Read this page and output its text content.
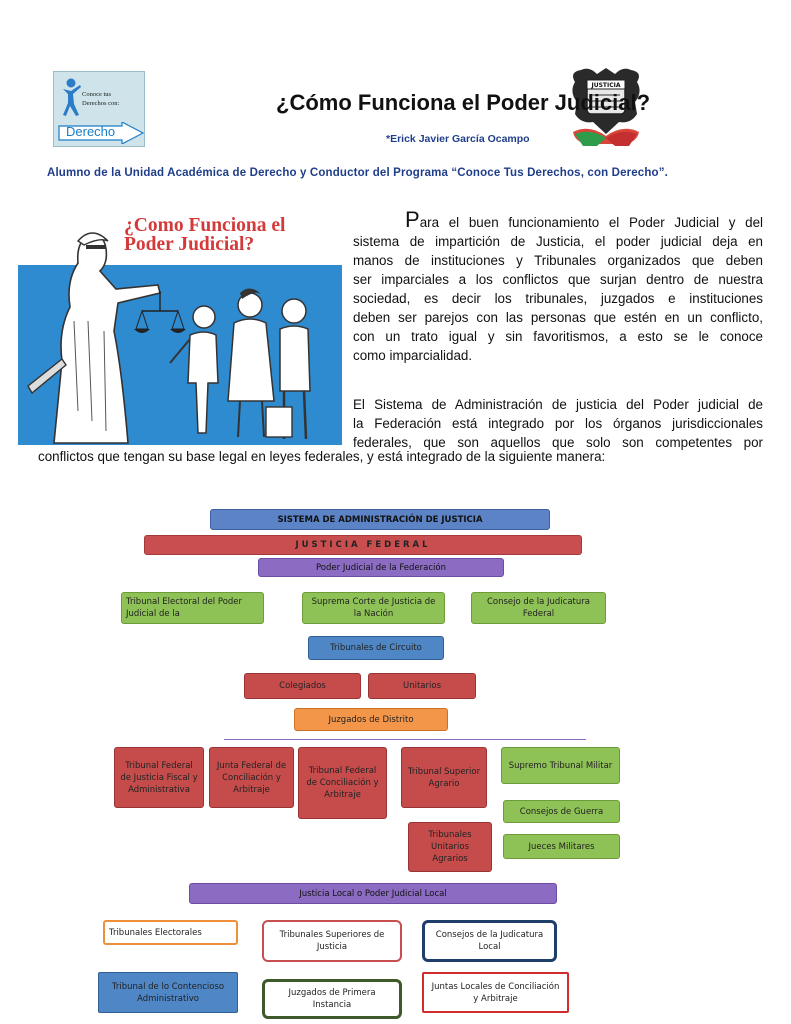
Conoce tus
Derechos con:
Derecho
JUSTICIA
¿Cómo Funciona el Poder Judicial?
*Erick Javier García Ocampo
Alumno de la Unidad Académica de Derecho y Conductor del Programa “Conoce Tus Derechos, con Derecho”.
¿Como Funciona el
Poder Judicial?
Para el buen funcionamiento el Poder Judicial y del
sistema de impartición de Justicia, el poder judicial deja en
manos de instituciones y Tribunales organizados que deben
ser imparciales a los conflictos que surjan dentro de nuestra
sociedad, es decir los tribunales, juzgados e instituciones
deben ser parejos con las personas que estén en un conflicto,
con un trato igual y sin favoritismos, a esto se le conoce
como imparcialidad.
El Sistema de Administración de justicia del Poder judicial de
la Federación está integrado por los órganos jurisdiccionales
federales, que son aquellos que solo son competentes por
conflictos que tengan su base legal en leyes federales, y está integrado de la siguiente manera:
SISTEMA DE ADMINISTRACIÓN DE JUSTICIA
JUSTICIA FEDERAL
Poder Judicial de la Federación
Tribunal Electoral del Poder Judicial de la
Suprema Corte de Justicia de la Nación
Consejo de la Judicatura Federal
Tribunales de Circuito
Colegiados	Unitarios
Juzgados de Distrito
Tribunal Federal de Justicia Fiscal y Administrativa
Junta Federal de Conciliación y Arbitraje
Tribunal Federal de Conciliación y Arbitraje
Tribunal Superior Agrario
Supremo Tribunal Militar
Consejos de Guerra
Tribunales Unitarios Agrarios
Jueces Militares
Justicia Local o Poder Judicial Local
Tribunales Electorales	Tribunales Superiores de Justicia
Consejos de la Judicatura Local
Tribunal de lo Contencioso Administrativo
Juzgados de Primera Instancia
Juntas Locales de Conciliación y Arbitraje
